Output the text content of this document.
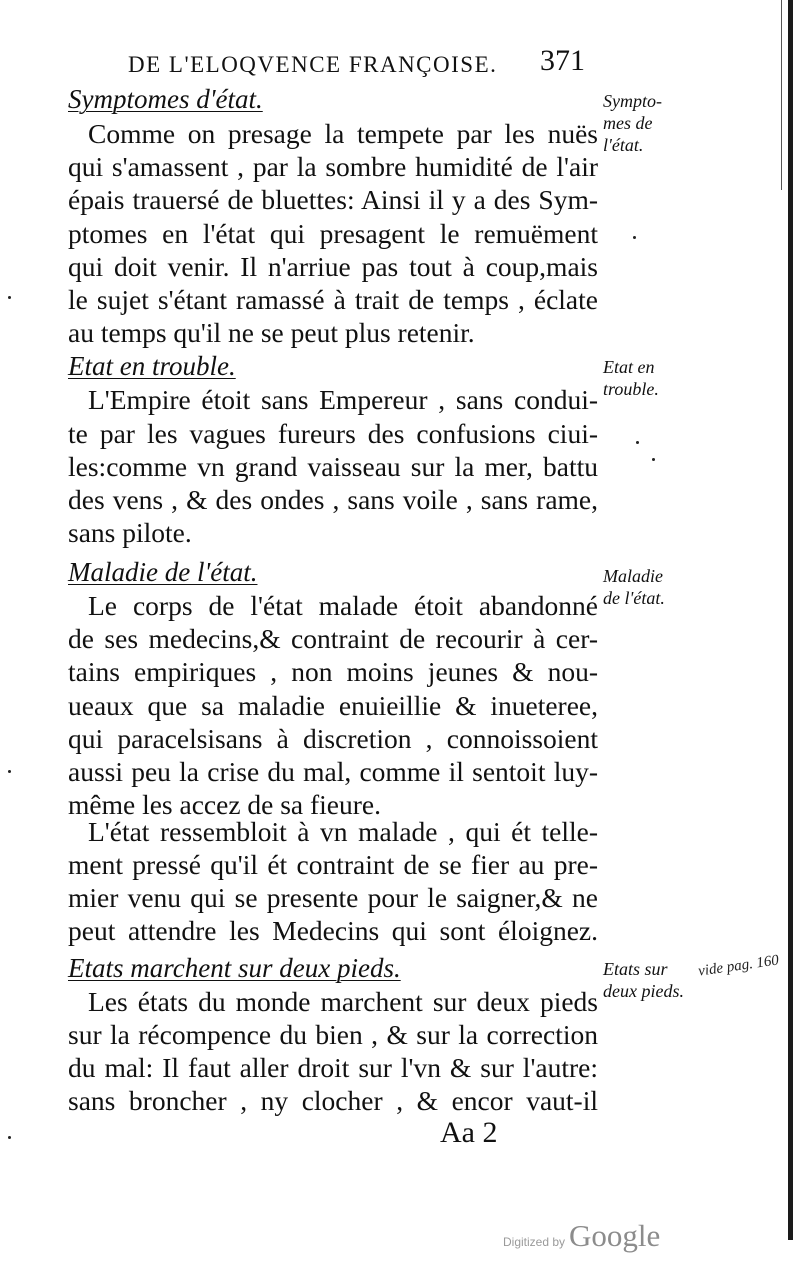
DE L'ELOQVENCE FRANÇOISE.	371
Symptomes d'état.
Comme on presage la tempete par les nuës
qui s'amassent , par la sombre humidité de l'air
épais trauersé de bluettes: Ainsi il y a des Sym-
ptomes en l'état qui presagent le remuëment
qui doit venir. Il n'arriue pas tout à coup,mais
le sujet s'étant ramassé à trait de temps , éclate
au temps qu'il ne se peut plus retenir.
Etat en trouble.
L'Empire étoit sans Empereur , sans condui-
te par les vagues fureurs des confusions ciui-
les:comme vn grand vaisseau sur la mer, battu
des vens , & des ondes , sans voile , sans rame,
sans pilote.
Maladie de l'état.
Le corps de l'état malade étoit abandonné
de ses medecins,& contraint de recourir à cer-
tains empiriques , non moins jeunes & nou-
ueaux que sa maladie enuieillie & inueteree,
qui paracelsisans à discretion , connoissoient
aussi peu la crise du mal, comme il sentoit luy-
même les accez de sa fieure.
L'état ressembloit à vn malade , qui ét telle-
ment pressé qu'il ét contraint de se fier au pre-
mier venu qui se presente pour le saigner,& ne
peut attendre les Medecins qui sont éloignez.
Etats marchent sur deux pieds.
Les états du monde marchent sur deux pieds
sur la récompence du bien , & sur la correction
du mal: Il faut aller droit sur l'vn & sur l'autre:
sans broncher , ny clocher , & encor vaut-il
Sympto-
mes de
l'état.
Etat en
trouble.
Maladie
de l'état.
Etats sur
deux pieds.
vide pag. 160
Aa 2
Digitized by Google
